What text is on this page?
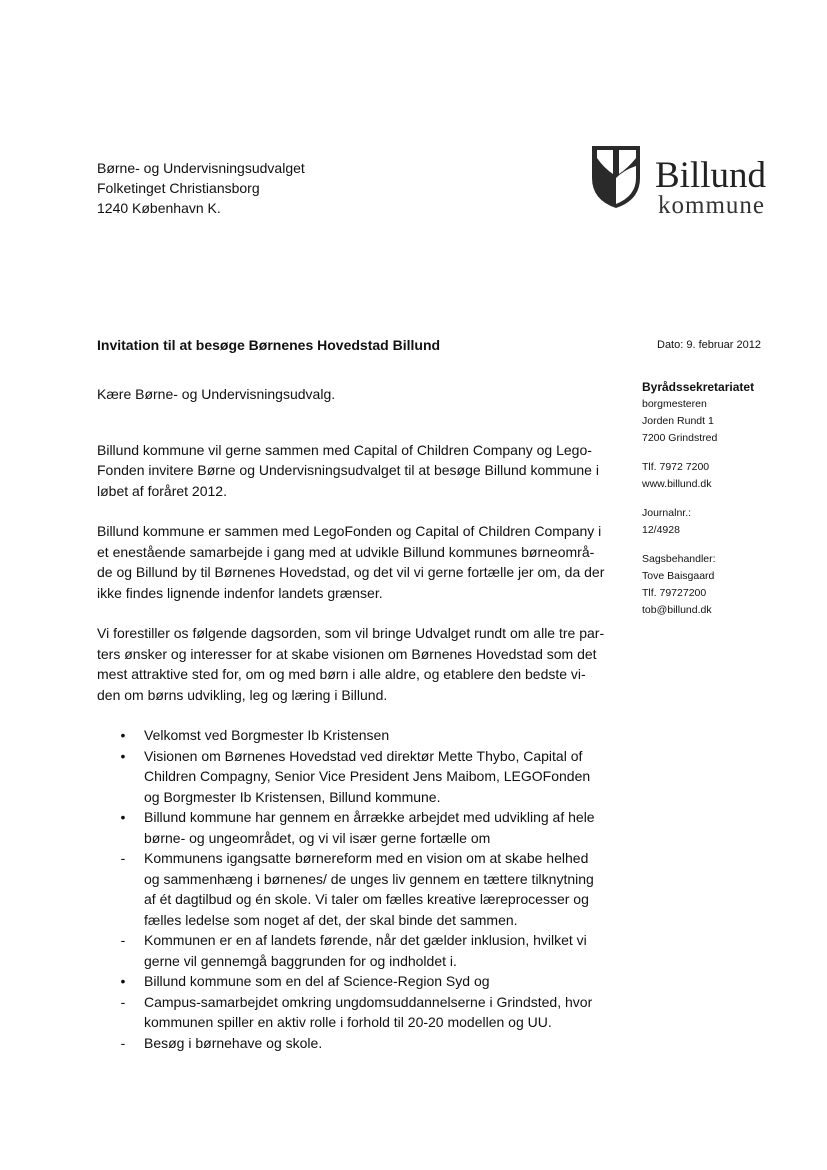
Børne- og Undervisningsudvalget
Folketinget Christiansborg
1240 København K.
Billund
kommune
Invitation til at besøge Børnenes Hovedstad Billund	Dato: 9. februar 2012
Byrådssekretariatet
borgmesteren
Jorden Rundt 1
7200 Grindstred
Tlf. 7972 7200
www.billund.dk
Journalnr.:
12/4928
Sagsbehandler:
Tove Baisgaard
Tlf. 79727200
tob@billund.dk

Kære Børne- og Undervisningsudvalg.

Billund kommune vil gerne sammen med Capital of Children Company og Lego-
Fonden invitere Børne og Undervisningsudvalget til at besøge Billund kommune i
løbet af foråret 2012.

Billund kommune er sammen med LegoFonden og Capital of Children Company i
et enestående samarbejde i gang med at udvikle Billund kommunes børneområ-
de og Billund by til Børnenes Hovedstad, og det vil vi gerne fortælle jer om, da der
ikke findes lignende indenfor landets grænser.

Vi forestiller os følgende dagsorden, som vil bringe Udvalget rundt om alle tre par-
ters ønsker og interesser for at skabe visionen om Børnenes Hovedstad som det
mest attraktive sted for, om og med børn i alle aldre, og etablere den bedste vi-
den om børns udvikling, leg og læring i Billund.

• Velkomst ved Borgmester Ib Kristensen
• Visionen om Børnenes Hovedstad ved direktør Mette Thybo, Capital of
Children Compagny, Senior Vice President Jens Maibom, LEGOFonden
og Borgmester Ib Kristensen, Billund kommune.
• Billund kommune har gennem en årrække arbejdet med udvikling af hele
børne- og ungeområdet, og vi vil især gerne fortælle om
- Kommunens igangsatte børnereform med en vision om at skabe helhed
og sammenhæng i børnenes/ de unges liv gennem en tættere tilknytning
af ét dagtilbud og én skole. Vi taler om fælles kreative læreprocesser og
fælles ledelse som noget af det, der skal binde det sammen.
- Kommunen er en af landets førende, når det gælder inklusion, hvilket vi
gerne vil gennemgå baggrunden for og indholdet i.
• Billund kommune som en del af Science-Region Syd og
- Campus-samarbejdet omkring ungdomsuddannelserne i Grindsted, hvor
kommunen spiller en aktiv rolle i forhold til 20-20 modellen og UU.
- Besøg i børnehave og skole.
